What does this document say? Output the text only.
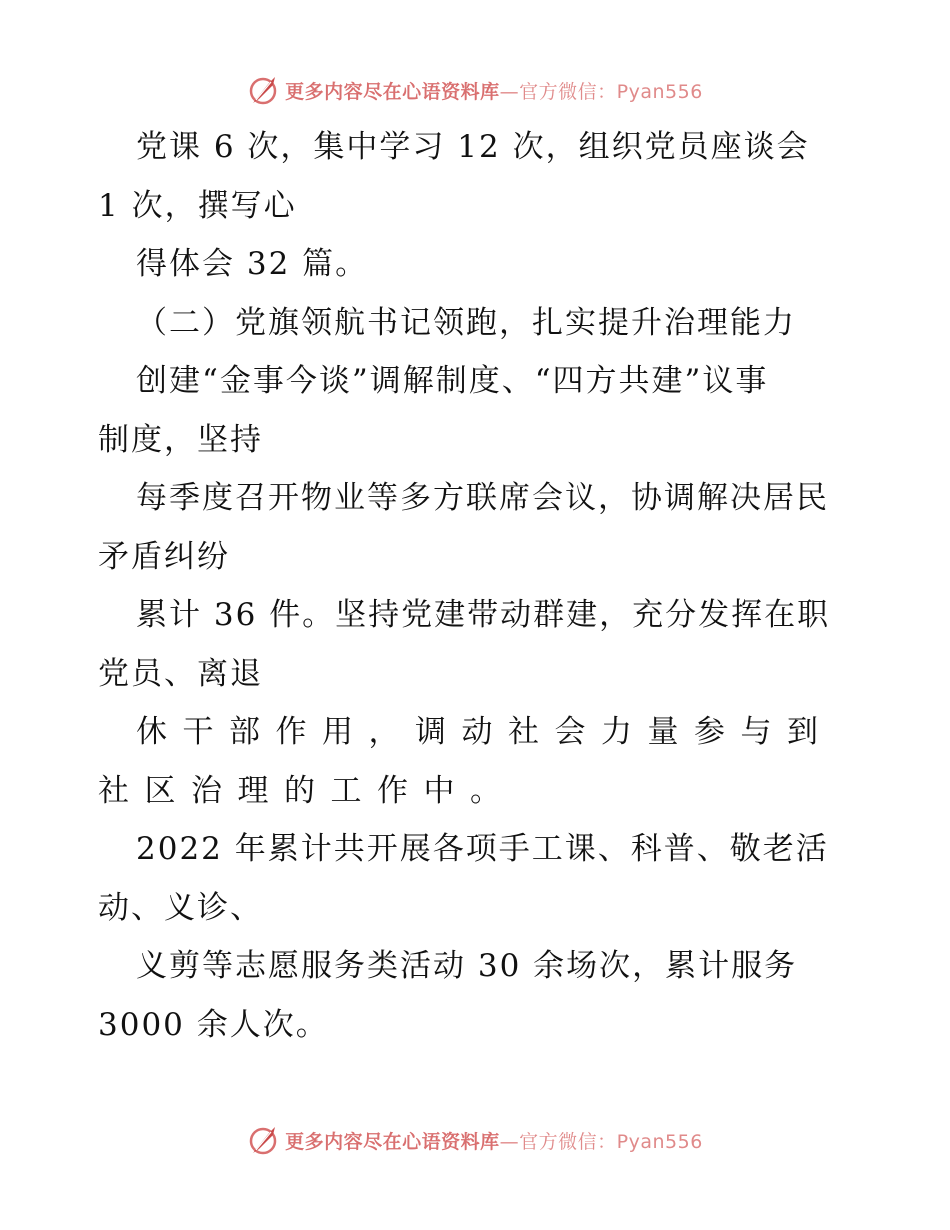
更多内容尽在心语资料库—官方微信：Pyan556
党课 6 次，集中学习 12 次，组织党员座谈会
1 次，撰写心
得体会 32 篇。
（二）党旗领航书记领跑，扎实提升治理能力
创建“金事今谈”调解制度、“四方共建”议事
制度，坚持
每季度召开物业等多方联席会议，协调解决居民
矛盾纠纷
累计 36 件。坚持党建带动群建，充分发挥在职
党员、离退
休干部作用，调动社会力量参与到
社区治理的工作中。
2022 年累计共开展各项手工课、科普、敬老活
动、义诊、
义剪等志愿服务类活动 30 余场次，累计服务
3000 余人次。
更多内容尽在心语资料库—官方微信：Pyan556
